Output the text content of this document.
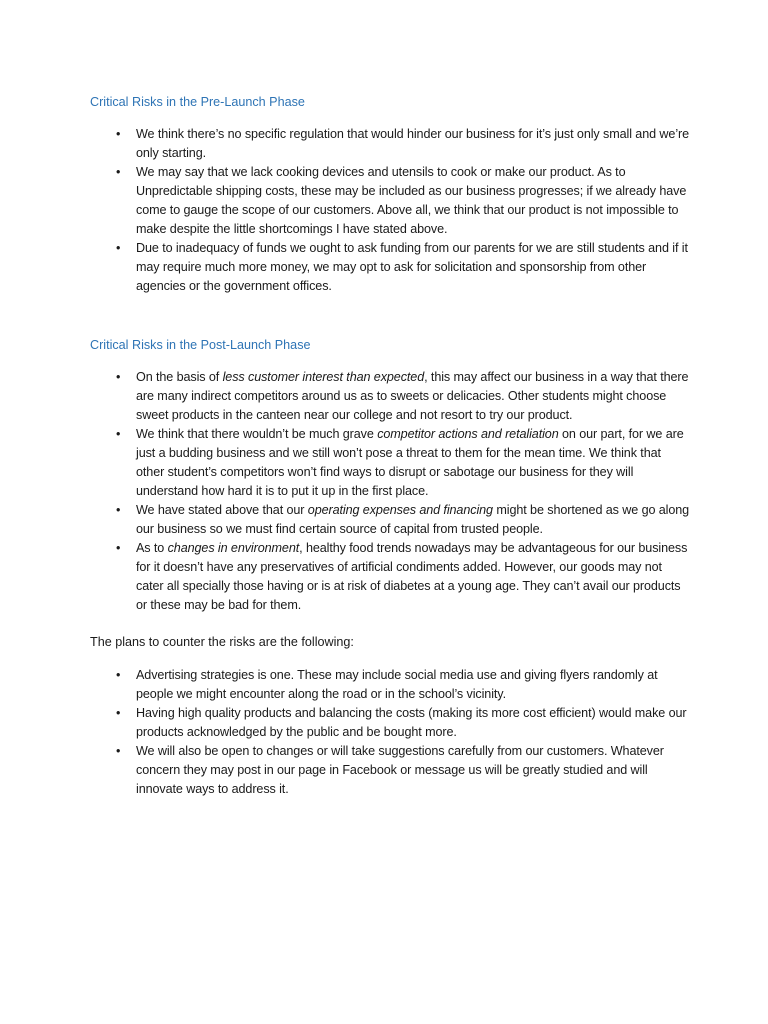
Critical Risks in the Pre-Launch Phase
• We think there’s no specific regulation that would hinder our business for it’s just only small and we’re only starting.
• We may say that we lack cooking devices and utensils to cook or make our product. As to Unpredictable shipping costs, these may be included as our business progresses; if we already have come to gauge the scope of our customers. Above all, we think that our product is not impossible to make despite the little shortcomings I have stated above.
• Due to inadequacy of funds we ought to ask funding from our parents for we are still students and if it may require much more money, we may opt to ask for solicitation and sponsorship from other agencies or the government offices.
Critical Risks in the Post-Launch Phase
• On the basis of less customer interest than expected, this may affect our business in a way that there are many indirect competitors around us as to sweets or delicacies. Other students might choose sweet products in the canteen near our college and not resort to try our product.
• We think that there wouldn’t be much grave competitor actions and retaliation on our part, for we are just a budding business and we still won’t pose a threat to them for the mean time. We think that other student’s competitors won’t find ways to disrupt or sabotage our business for they will understand how hard it is to put it up in the first place.
• We have stated above that our operating expenses and financing might be shortened as we go along our business so we must find certain source of capital from trusted people.
• As to changes in environment, healthy food trends nowadays may be advantageous for our business for it doesn’t have any preservatives of artificial condiments added. However, our goods may not cater all specially those having or is at risk of diabetes at a young age. They can’t avail our products or these may be bad for them.

The plans to counter the risks are the following:

• Advertising strategies is one. These may include social media use and giving flyers randomly at people we might encounter along the road or in the school’s vicinity.
• Having high quality products and balancing the costs (making its more cost efficient) would make our products acknowledged by the public and be bought more.
• We will also be open to changes or will take suggestions carefully from our customers. Whatever concern they may post in our page in Facebook or message us will be greatly studied and will innovate ways to address it.
